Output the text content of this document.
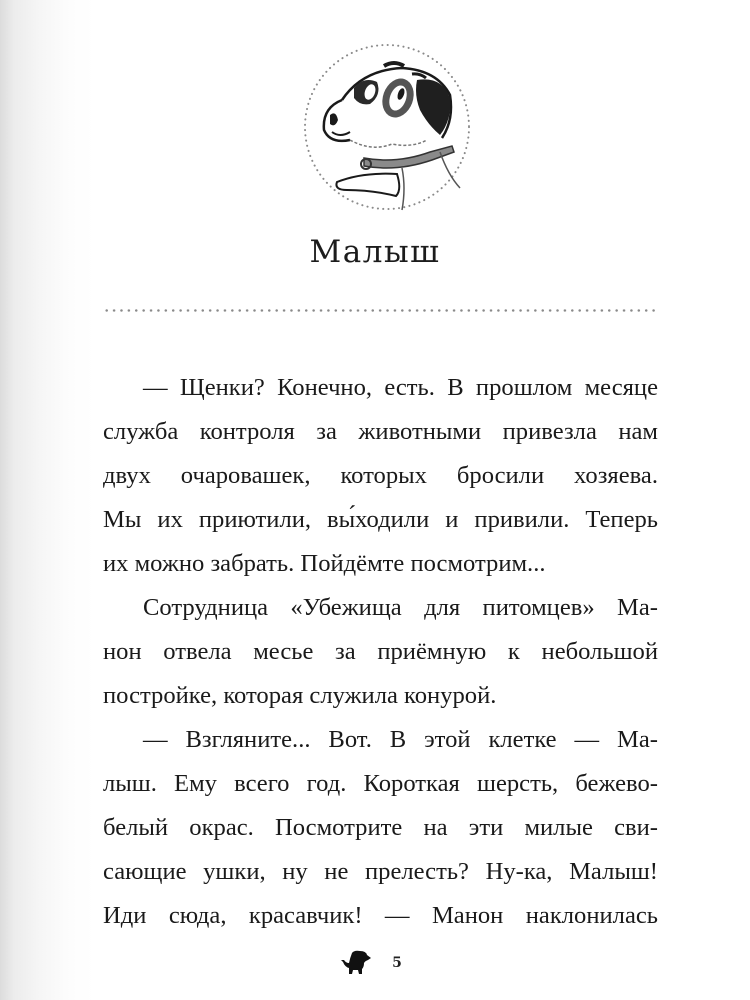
Малыш
— Щенки? Конечно, есть. В прошлом месяце
служба контроля за животными привезла нам
двух очаровашек, которых бросили хозяева.
Мы их приютили, вы́ходили и привили. Теперь
их можно забрать. Пойдёмте посмотрим...
Сотрудница «Убежища для питомцев» Ма-
нон отвела месье за приёмную к небольшой
постройке, которая служила конурой.
— Взгляните... Вот. В этой клетке — Ма-
лыш. Ему всего год. Короткая шерсть, бежево-
белый окрас. Посмотрите на эти милые сви-
сающие ушки, ну не прелесть? Ну-ка, Малыш!
Иди сюда, красавчик! — Манон наклонилась
5
